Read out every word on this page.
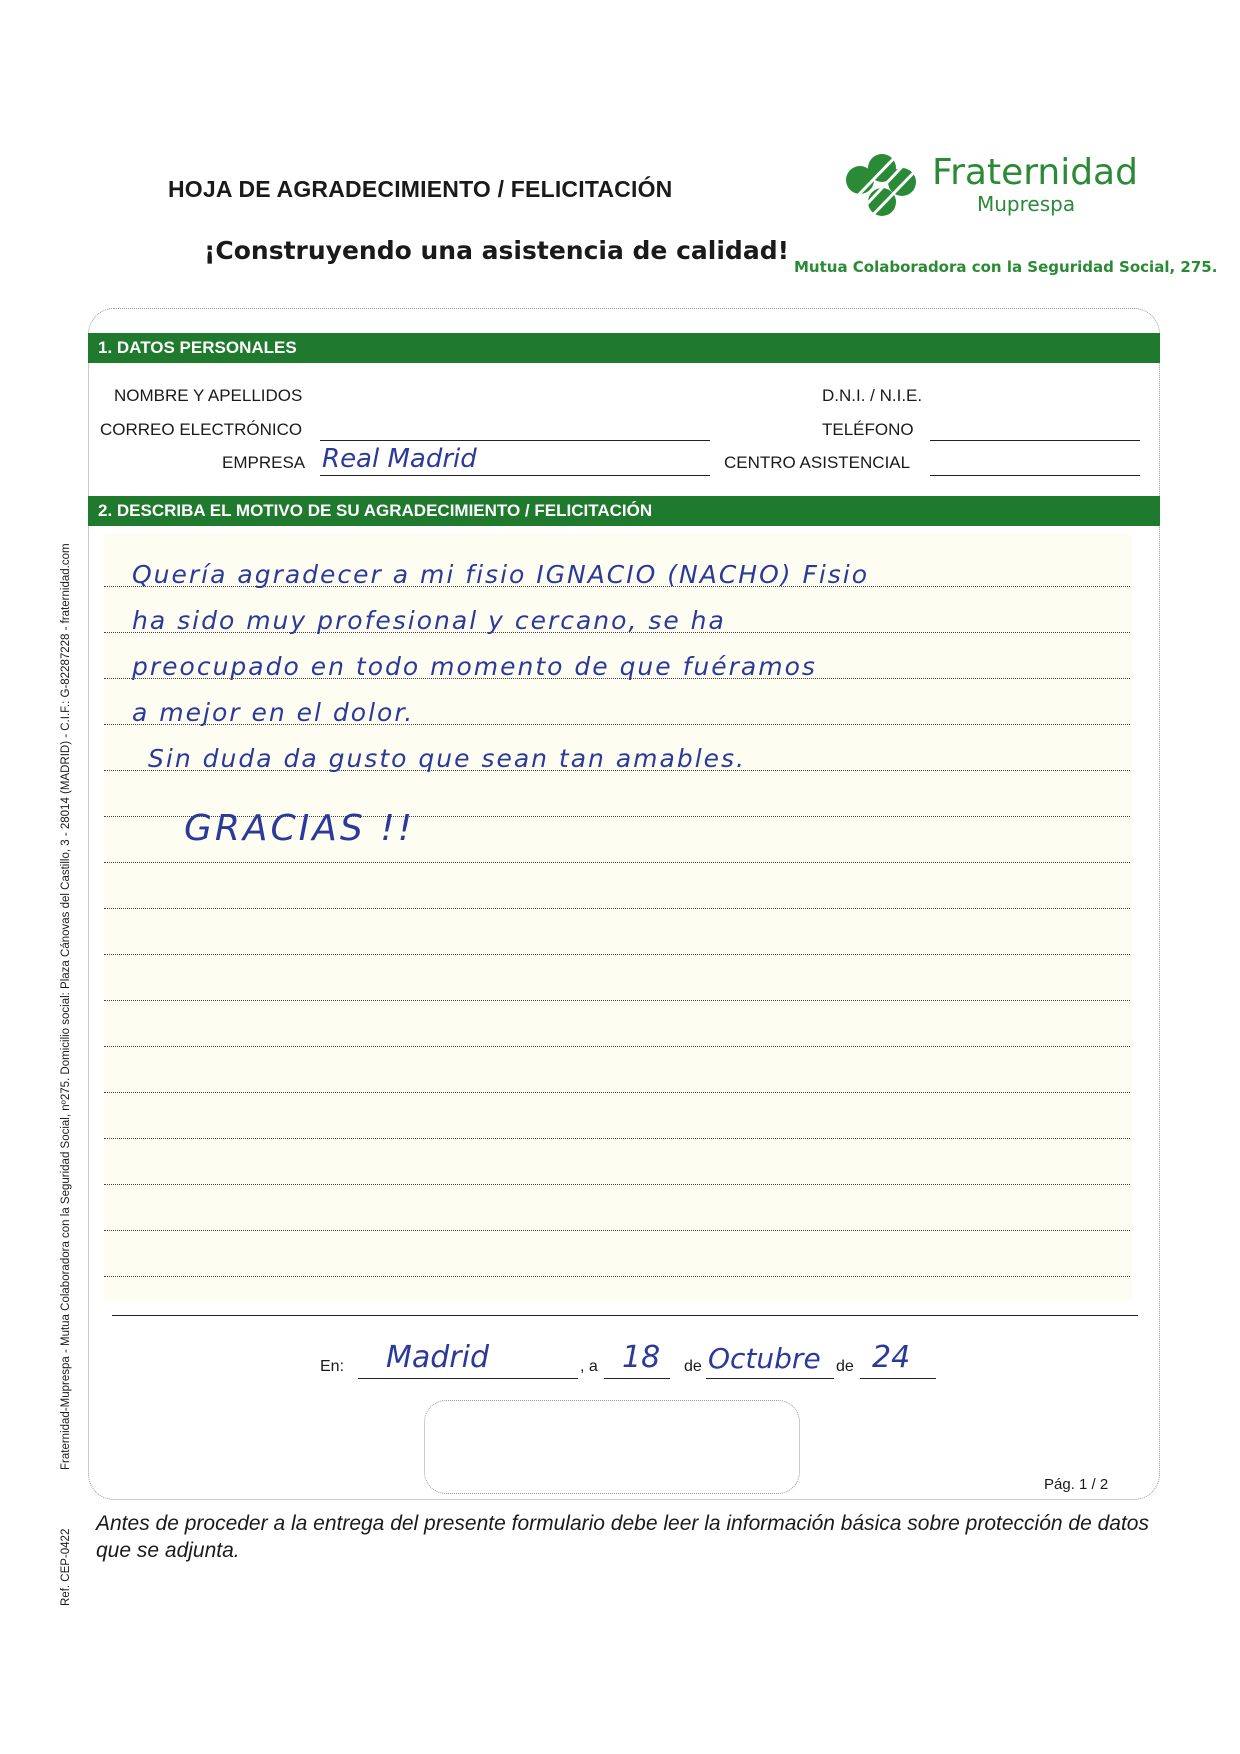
HOJA DE AGRADECIMIENTO / FELICITACIÓN
¡Construyendo una asistencia de calidad!
Fraternidad
Muprespa
Mutua Colaboradora con la Seguridad Social, 275.
1. DATOS PERSONALES
NOMBRE Y APELLIDOS	D.N.I. / N.I.E.
CORREO ELECTRÓNICO	TELÉFONO
EMPRESA Real Madrid	CENTRO ASISTENCIAL
2. DESCRIBA EL MOTIVO DE SU AGRADECIMIENTO / FELICITACIÓN
Quería agradecer a mi fisio IGNACIO (NACHO) Fisio
ha sido muy profesional y cercano, se ha
preocupado en todo momento de que fuéramos
a mejor en el dolor.
Sin duda da gusto que sean tan amables.
GRACIAS !!
En: Madrid	, a 18 de Octubre de 24
Pág. 1 / 2
Antes de proceder a la entrega del presente formulario debe leer la información básica sobre protección de datos que se adjunta.
Fraternidad-Muprespa - Mutua Colaboradora con la Seguridad Social, nº275. Domicilio social: Plaza Cánovas del Castillo, 3 - 28014 (MADRID) - C.I.F.: G-82287228 - fraternidad.com
Ref. CEP-0422
